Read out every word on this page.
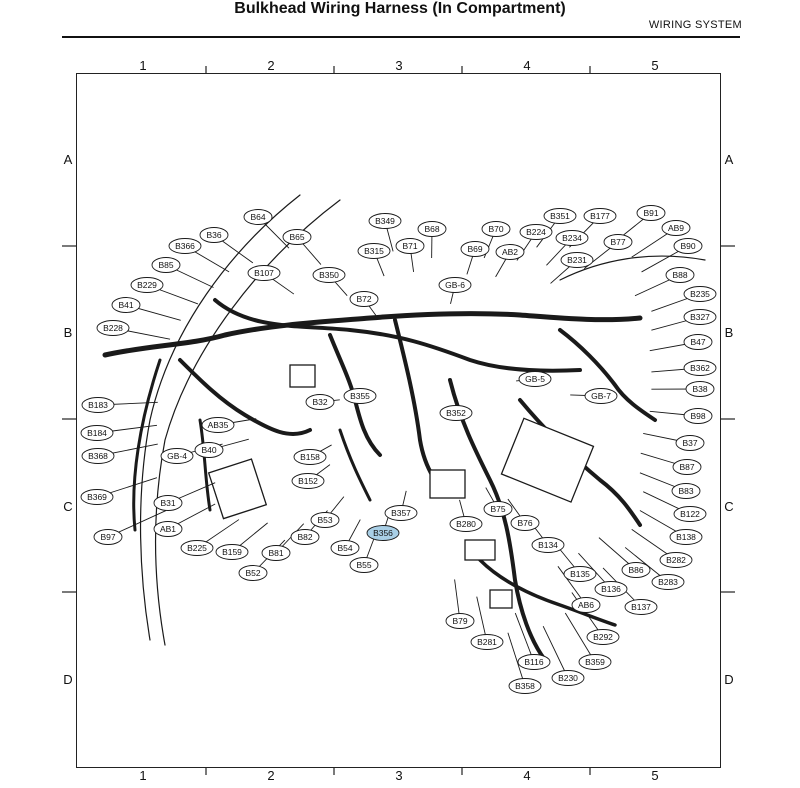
Bulkhead Wiring Harness (In Compartment)
WIRING SYSTEM
1	2	3	4	5
1	2	3	4	5
A
B
C
D
A
B
C
D
B64	B349
B68	B70
B351 B177	B91
AB9
B90
B36	B65
B315 B71	B69 AB2
B224
B234	B77
B366
B231
B85
B107	B350	B88
B229	GB-6
B72	B235
B41
B327
B228
B47
B362
B38
B98
B32
B355
B352
GB-5
GB-7
B183
AB35
B37
B184
B368	GB-4
B40
B158
B87
B83
B152
B369
B31
B75
B357	B122
B97
AB1
B53	B76
B280
B138
B356
B134
B225 B159	B81
B82
B54
B282
B52
B55	B86
B283
B135
B136
AB6	B137
B79
B281	B292
B116	B359
B230
B358
